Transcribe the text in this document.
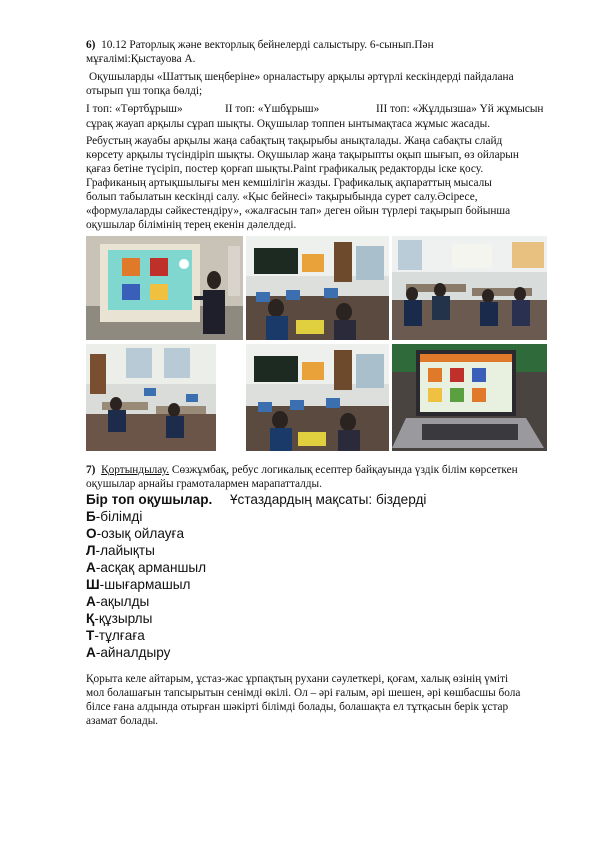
6) 10.12 Раторлық және векторлық бейнелерді салыстыру. 6-сынып.Пән
мұғалімі:Қыстауова А.
Оқушыларды «Шаттық шеңберіне» орналастыру арқылы әртүрлі кескіндерді пайдалана
отырып үш топқа бөлді;
I топ: «Төртбұрыш»	II топ: «Үшбұрыш»	III топ: «Жұлдызша» Үй жұмысын
сұрақ жауап арқылы сұрап шықты. Оқушылар топпен ынтымақтаса жұмыс жасады.
Ребустың жауабы арқылы жаңа сабақтың тақырыбы анықталады. Жаңа сабақты слайд
көрсету арқылы түсіндіріп шықты. Оқушылар жаңа тақырыпты оқып шығып, өз ойларын
қағаз бетіне түсіріп, постер қорғап шықты.Paint графикалық редакторды іске қосу.
Графиканың артықшылығы мен кемшілігін жазды. Графикалық ақпараттың мысалы
болып табылатын кескінді салу. «Қыс бейнесі» тақырыбында сурет салу.Әсіресе,
«формулаларды сәйкестендіру», «жалғасын тап» деген ойын түрлері тақырып бойынша
оқушылар білімінің терең екенін дәлелдеді.
7) Қортындылау. Сөзжұмбақ, ребус логикалық есептер байқауында үздік білім көрсеткен
оқушылар арнайы грамоталармен марапатталды.
Бір топ оқушылар. Ұстаздардың мақсаты: біздерді
Б-білімді
О-озық ойлауға
Л-лайықты
А-асқақ арманшыл
Ш-шығармашыл
А-ақылды
Қ-құзырлы
Т-тұлғаға
А-айналдыру
Қорыта келе айтарым, ұстаз-жас ұрпақтың рухани сәулеткері, қоғам, халық өзінің үміті
мол болашағын тапсырытын сенімді өкілі. Ол – әрі ғалым, әрі шешен, әрі көшбасшы бола
білсе ғана алдында отырған шәкірті білімді болады, болашақта ел тұтқасын берік ұстар
азамат болады.
